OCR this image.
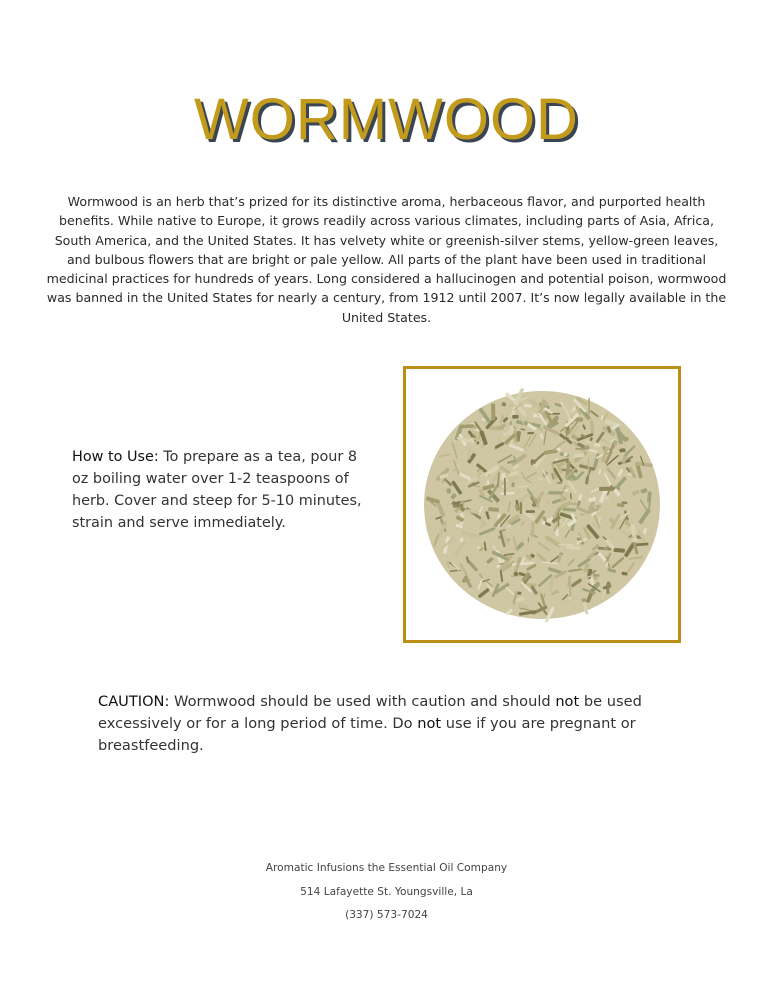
WORMWOOD

Wormwood is an herb that’s prized for its distinctive aroma, herbaceous flavor, and purported health benefits. While native to Europe, it grows readily across various climates, including parts of Asia, Africa, South America, and the United States. It has velvety white or greenish-silver stems, yellow-green leaves, and bulbous flowers that are bright or pale yellow. All parts of the plant have been used in traditional medicinal practices for hundreds of years. Long considered a hallucinogen and potential poison, wormwood was banned in the United States for nearly a century, from 1912 until 2007. It’s now legally available in the United States.

How to Use: To prepare as a tea, pour 8 oz boiling water over 1-2 teaspoons of herb. Cover and steep for 5-10 minutes, strain and serve immediately.

CAUTION: Wormwood should be used with caution and should not be used excessively or for a long period of time. Do not use if you are pregnant or breastfeeding.

Aromatic Infusions the Essential Oil Company

514 Lafayette St. Youngsville, La

(337) 573-7024
